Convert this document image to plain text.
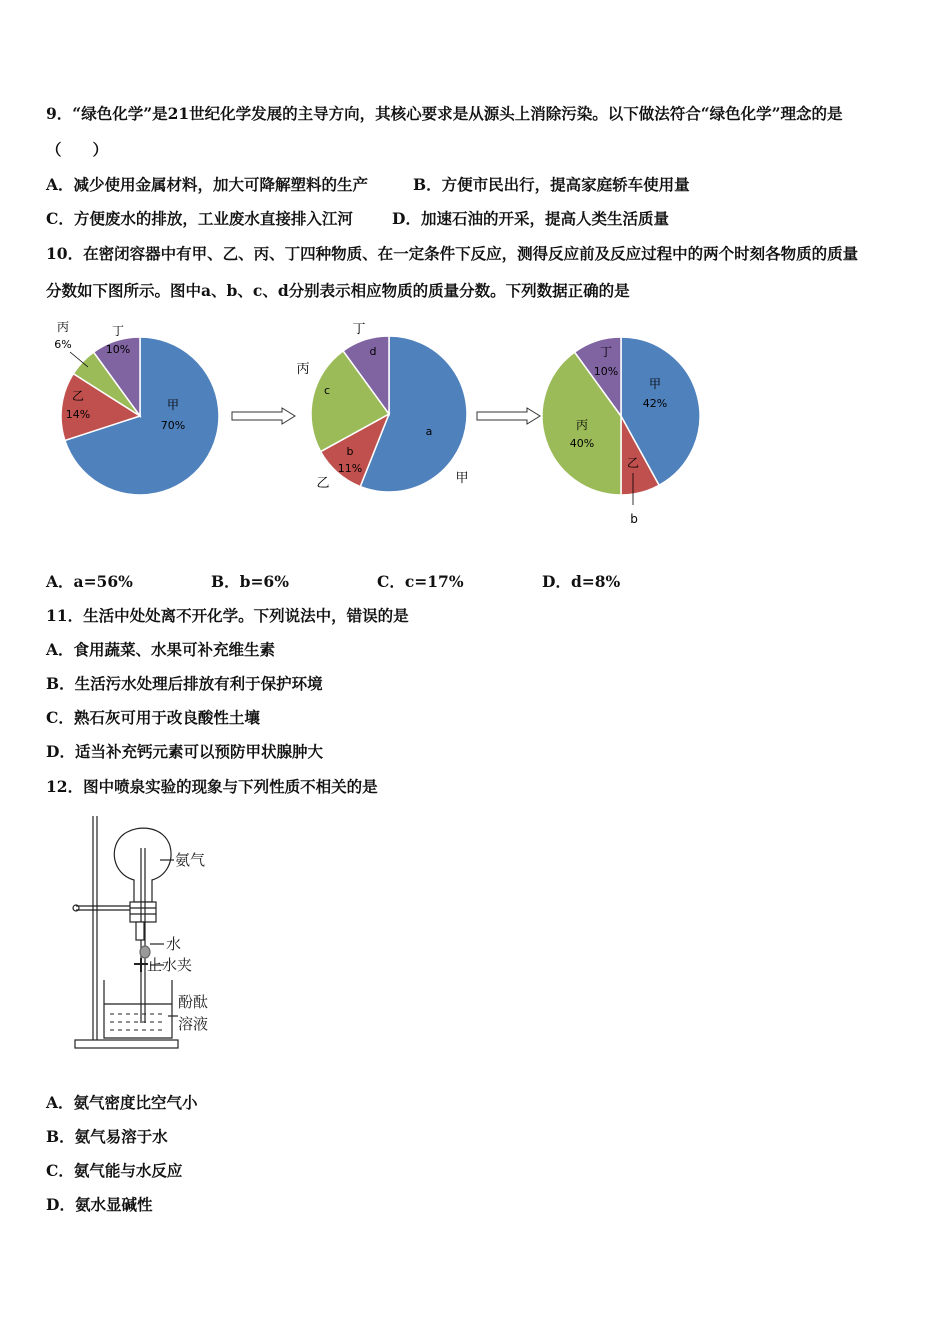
9．“绿色化学”是21世纪化学发展的主导方向，其核心要求是从源头上消除污染。以下做法符合“绿色化学”理念的是
（　　）
A．减少使用金属材料，加大可降解塑料的生产	B．方便市民出行，提高家庭轿车使用量
C．方便废水的排放，工业废水直接排入江河	D．加速石油的开采，提高人类生活质量
10．在密闭容器中有甲、乙、丙、丁四种物质、在一定条件下反应，测得反应前及反应过程中的两个时刻各物质的质量
分数如下图所示。图中a、b、c、d分别表示相应物质的质量分数。下列数据正确的是
甲
70%
乙
14%
丙
6%
丁
10%
a
b
11%
c
d
甲
乙
丙
丁
甲
42%
乙
b
丙
40%
丁
10%
A．a=56%	B．b=6%	C．c=17%	D．d=8%
11．生活中处处离不开化学。下列说法中，错误的是
A．食用蔬菜、水果可补充维生素
B．生活污水处理后排放有利于保护环境
C．熟石灰可用于改良酸性土壤
D．适当补充钙元素可以预防甲状腺肿大
12．图中喷泉实验的现象与下列性质不相关的是
氨气
水
止水夹
酚酞
溶液
A．氨气密度比空气小
B．氨气易溶于水
C．氨气能与水反应
D．氨水显碱性
